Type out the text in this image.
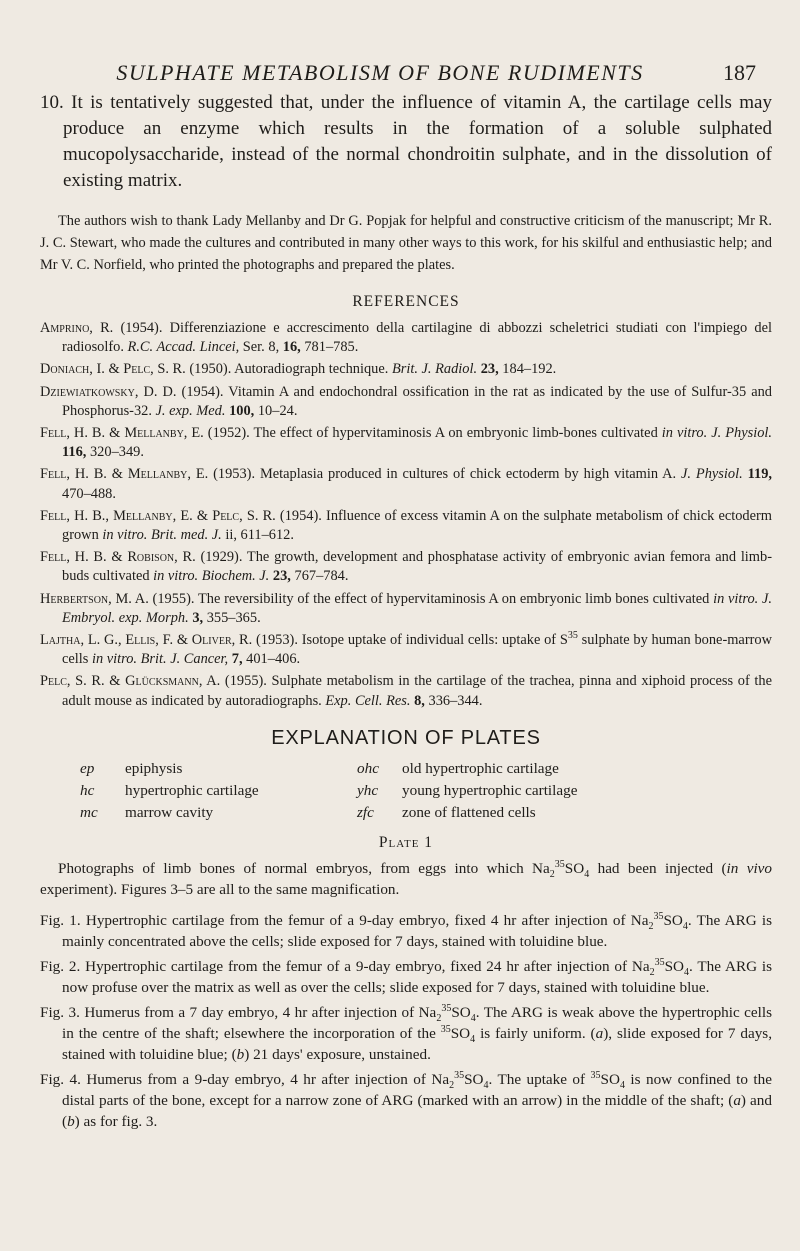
SULPHATE METABOLISM OF BONE RUDIMENTS	187

10. It is tentatively suggested that, under the influence of vitamin A, the cartilage cells may produce an enzyme which results in the formation of a soluble sulphated mucopolysaccharide, instead of the normal chondroitin sulphate, and in the dissolution of existing matrix.

The authors wish to thank Lady Mellanby and Dr G. Popjak for helpful and constructive criticism of the manuscript; Mr R. J. C. Stewart, who made the cultures and contributed in many other ways to this work, for his skilful and enthusiastic help; and Mr V. C. Norfield, who printed the photographs and prepared the plates.

REFERENCES

Amprino, R. (1954). Differenziazione e accrescimento della cartilagine di abbozzi scheletrici studiati con l'impiego del radiosolfo. R.C. Accad. Lincei, Ser. 8, 16, 781–785.

Doniach, I. & Pelc, S. R. (1950). Autoradiograph technique. Brit. J. Radiol. 23, 184–192.

Dziewiatkowsky, D. D. (1954). Vitamin A and endochondral ossification in the rat as indicated by the use of Sulfur-35 and Phosphorus-32. J. exp. Med. 100, 10–24.

Fell, H. B. & Mellanby, E. (1952). The effect of hypervitaminosis A on embryonic limb-bones cultivated in vitro. J. Physiol. 116, 320–349.

Fell, H. B. & Mellanby, E. (1953). Metaplasia produced in cultures of chick ectoderm by high vitamin A. J. Physiol. 119, 470–488.

Fell, H. B., Mellanby, E. & Pelc, S. R. (1954). Influence of excess vitamin A on the sulphate metabolism of chick ectoderm grown in vitro. Brit. med. J. ii, 611–612.

Fell, H. B. & Robison, R. (1929). The growth, development and phosphatase activity of embryonic avian femora and limb-buds cultivated in vitro. Biochem. J. 23, 767–784.

Herbertson, M. A. (1955). The reversibility of the effect of hypervitaminosis A on embryonic limb bones cultivated in vitro. J. Embryol. exp. Morph. 3, 355–365.

Lajtha, L. G., Ellis, F. & Oliver, R. (1953). Isotope uptake of individual cells: uptake of $S^{35}$ sulphate by human bone-marrow cells in vitro. Brit. J. Cancer, 7, 401–406.

Pelc, S. R. & Glücksmann, A. (1955). Sulphate metabolism in the cartilage of the trachea, pinna and xiphoid process of the adult mouse as indicated by autoradiographs. Exp. Cell. Res. 8, 336–344.

EXPLANATION OF PLATES
ep	epiphysis	ohc	old hypertrophic cartilage
hc	hypertrophic cartilage	yhc	young hypertrophic cartilage
mc	marrow cavity	zfc	zone of flattened cells
Plate 1

Photographs of limb bones of normal embryos, from eggs into which $Na_2^{35}SO_4$ had been injected (in vivo experiment). Figures 3–5 are all to the same magnification.

Fig. 1. Hypertrophic cartilage from the femur of a 9-day embryo, fixed 4 hr after injection of $Na_2^{35}SO_4$. The ARG is mainly concentrated above the cells; slide exposed for 7 days, stained with toluidine blue.

Fig. 2. Hypertrophic cartilage from the femur of a 9-day embryo, fixed 24 hr after injection of $Na_2^{35}SO_4$. The ARG is now profuse over the matrix as well as over the cells; slide exposed for 7 days, stained with toluidine blue.

Fig. 3. Humerus from a 7 day embryo, 4 hr after injection of $Na_2^{35}SO_4$. The ARG is weak above the hypertrophic cells in the centre of the shaft; elsewhere the incorporation of the $^{35}SO_4$ is fairly uniform. (a), slide exposed for 7 days, stained with toluidine blue; (b) 21 days' exposure, unstained.

Fig. 4. Humerus from a 9-day embryo, 4 hr after injection of $Na_2^{35}SO_4$. The uptake of $^{35}SO_4$ is now confined to the distal parts of the bone, except for a narrow zone of ARG (marked with an arrow) in the middle of the shaft; (a) and (b) as for fig. 3.
